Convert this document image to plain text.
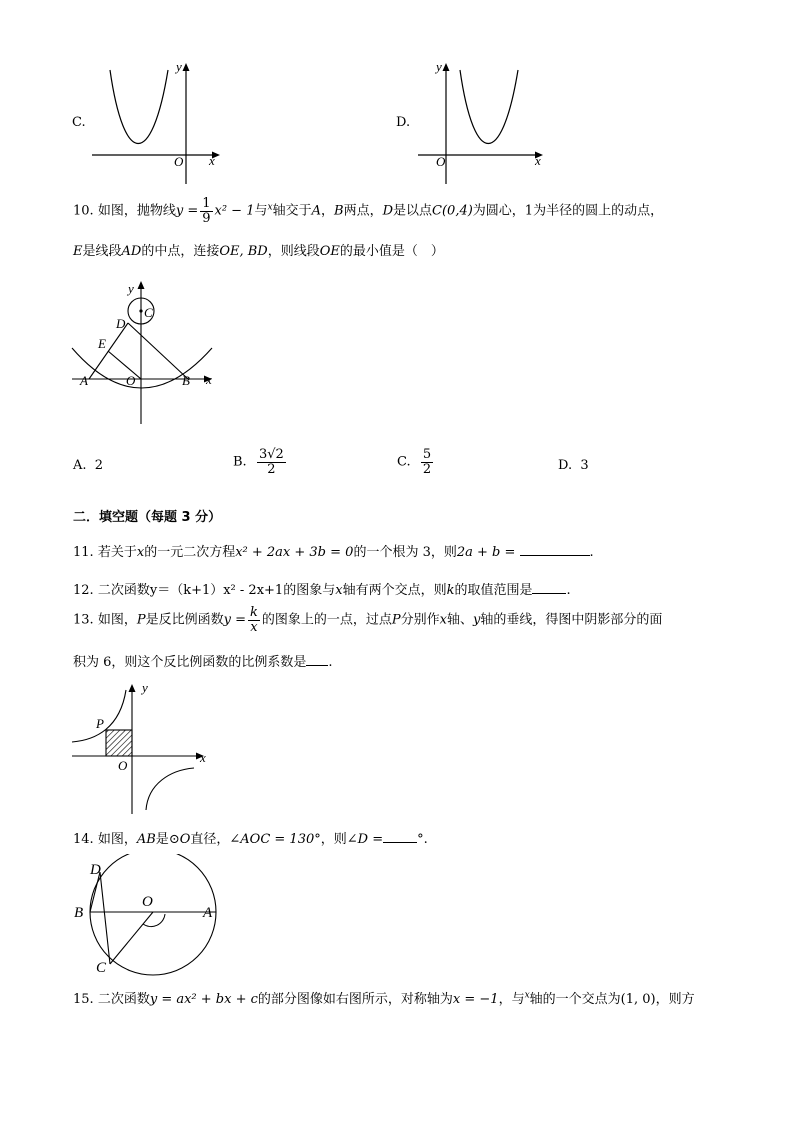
C.
y
x
O
D.
y
x
O
10. 如图，抛物线$y = \frac{1}{9} x^2 - 1$与$^x$轴交于A，B两点，D是以点C(0,4)为圆心，1为半径的圆上的动点，
E是线段AD的中点，连接OE, BD，则线段OE的最小值是（　）
y
x
C
D
E
A	O	B
A. 2	B. $\frac{3√2}{2}$	C. $\frac{5}{2}$	D. 3
二．填空题（每题 3 分）
11. 若关于x的一元二次方程x² + 2ax + 3b = 0的一个根为 3，则2a + b =	.
12. 二次函数y＝（k+1）x² - 2x+1的图象与x轴有两个交点，则k的取值范围是	.
13. 如图，P是反比例函数$y = \frac{k}{x}$ 的图象上的一点，过点P分别作x轴、y轴的垂线，得图中阴影部分的面
积为 6，则这个反比例函数的比例系数是 .
y
x
P
O
14. 如图，AB是⊙O直径，∠AOC = 130°，则∠D =	°.
D
B
O
A
C
15. 二次函数y = ax² + bx + c的部分图像如右图所示，对称轴为x = −1，与$^x$轴的一个交点为(1, 0)，则方
